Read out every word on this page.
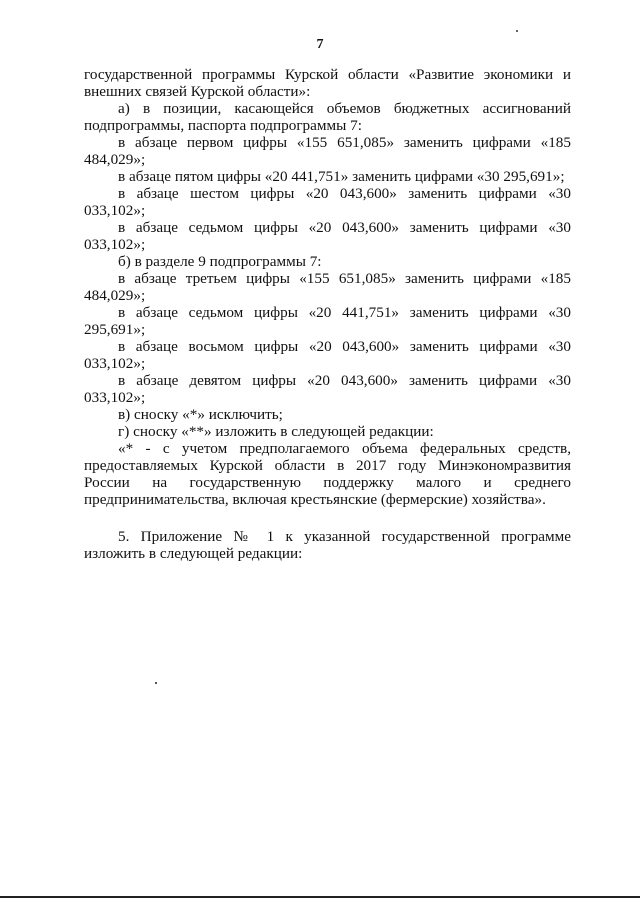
7

государственной программы Курской области «Развитие экономики и внешних связей Курской области»:

а) в позиции, касающейся объемов бюджетных ассигнований подпрограммы, паспорта подпрограммы 7:

в абзаце первом цифры «155 651,085» заменить цифрами «185 484,029»;

в абзаце пятом цифры «20 441,751» заменить цифрами «30 295,691»;

в абзаце шестом цифры «20 043,600» заменить цифрами «30 033,102»;

в абзаце седьмом цифры «20 043,600» заменить цифрами «30 033,102»;

б) в разделе 9 подпрограммы 7:

в абзаце третьем цифры «155 651,085» заменить цифрами «185 484,029»;

в абзаце седьмом цифры «20 441,751» заменить цифрами «30 295,691»;

в абзаце восьмом цифры «20 043,600» заменить цифрами «30 033,102»;

в абзаце девятом цифры «20 043,600» заменить цифрами «30 033,102»;

в) сноску «*» исключить;

г) сноску «**» изложить в следующей редакции:

«* - с учетом предполагаемого объема федеральных средств, предоставляемых Курской области в 2017 году Минэкономразвития России на государственную поддержку малого и среднего предпринимательства, включая крестьянские (фермерские) хозяйства».

5. Приложение № 1 к указанной государственной программе изложить в следующей редакции:
